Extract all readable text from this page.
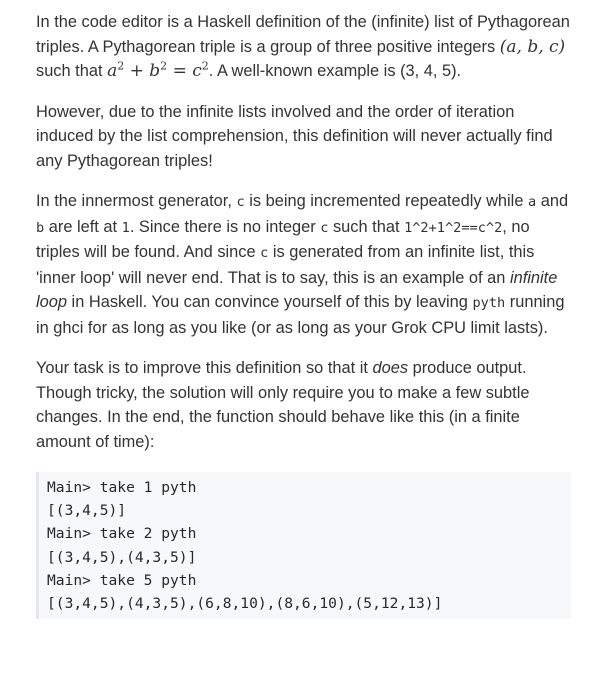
In the code editor is a Haskell definition of the (infinite) list of Pythagorean triples. A Pythagorean triple is a group of three positive integers (a, b, c) such that $a^2 + b^2 = c^2$. A well-known example is (3, 4, 5).

However, due to the infinite lists involved and the order of iteration induced by the list comprehension, this definition will never actually find any Pythagorean triples!

In the innermost generator, c is being incremented repeatedly while a and b are left at 1. Since there is no integer c such that 1^2+1^2==c^2, no triples will be found. And since c is generated from an infinite list, this 'inner loop' will never end. That is to say, this is an example of an infinite loop in Haskell. You can convince yourself of this by leaving pyth running in ghci for as long as you like (or as long as your Grok CPU limit lasts).

Your task is to improve this definition so that it does produce output. Though tricky, the solution will only require you to make a few subtle changes. In the end, the function should behave like this (in a finite amount of time):

Main> take 1 pyth
[(3,4,5)]
Main> take 2 pyth
[(3,4,5),(4,3,5)]
Main> take 5 pyth
[(3,4,5),(4,3,5),(6,8,10),(8,6,10),(5,12,13)]
